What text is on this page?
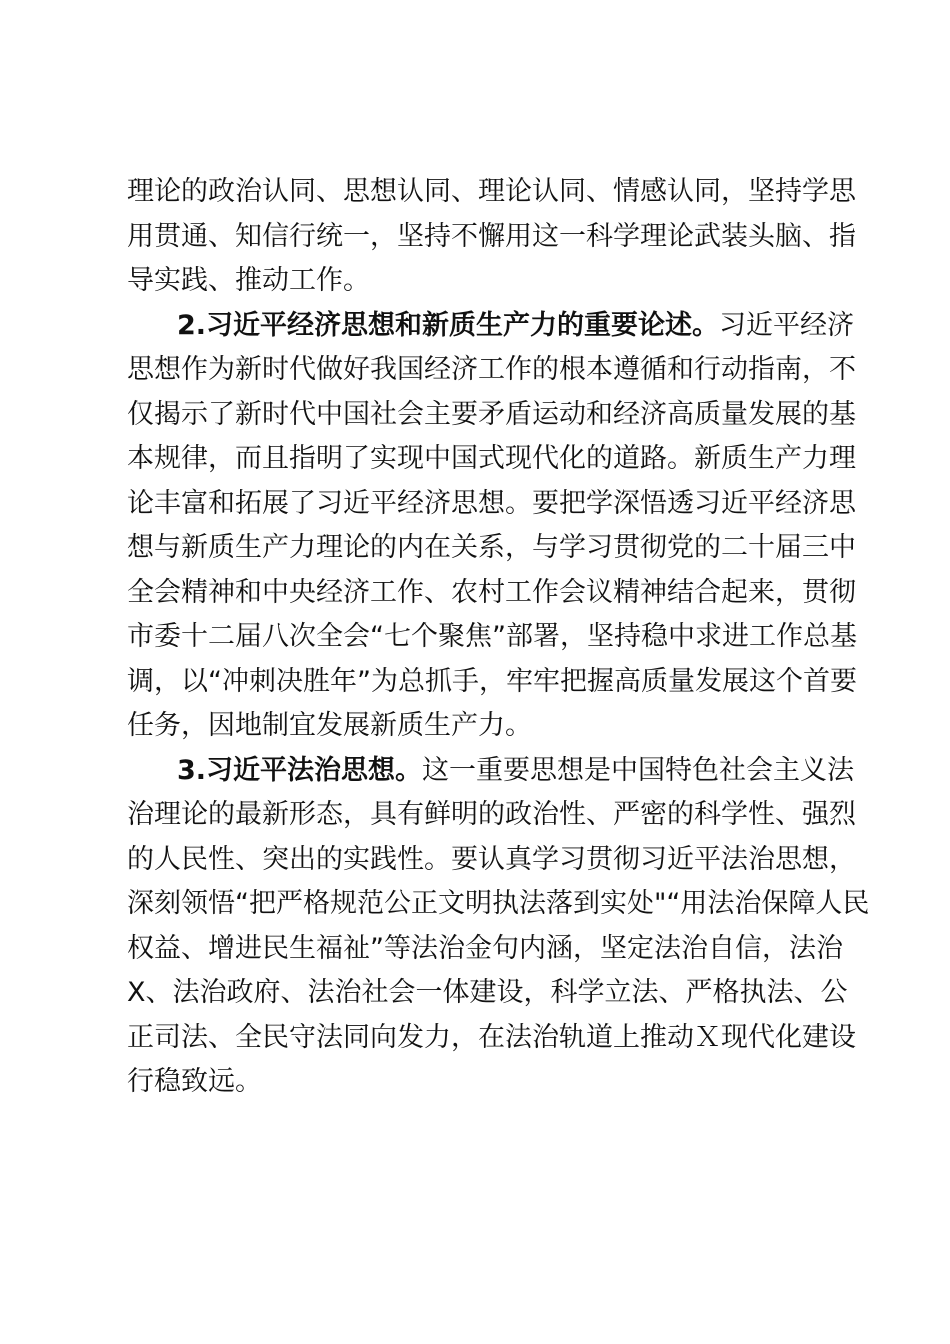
理论的政治认同、思想认同、理论认同、情感认同，坚持学思
用贯通、知信行统一，坚持不懈用这一科学理论武装头脑、指
导实践、推动工作。
2.习近平经济思想和新质生产力的重要论述。习近平经济
思想作为新时代做好我国经济工作的根本遵循和行动指南，不
仅揭示了新时代中国社会主要矛盾运动和经济高质量发展的基
本规律，而且指明了实现中国式现代化的道路。新质生产力理
论丰富和拓展了习近平经济思想。要把学深悟透习近平经济思
想与新质生产力理论的内在关系，与学习贯彻党的二十届三中
全会精神和中央经济工作、农村工作会议精神结合起来，贯彻
市委十二届八次全会“七个聚焦”部署，坚持稳中求进工作总基
调，以“冲刺决胜年”为总抓手，牢牢把握高质量发展这个首要
任务，因地制宜发展新质生产力。
3.习近平法治思想。这一重要思想是中国特色社会主义法
治理论的最新形态，具有鲜明的政治性、严密的科学性、强烈
的人民性、突出的实践性。要认真学习贯彻习近平法治思想，
深刻领悟“把严格规范公正文明执法落到实处"“用法治保障人民
权益、增进民生福祉”等法治金句内涵，坚定法治自信，法治
X、法治政府、法治社会一体建设，科学立法、严格执法、公
正司法、全民守法同向发力，在法治轨道上推动Ｘ现代化建设
行稳致远。
